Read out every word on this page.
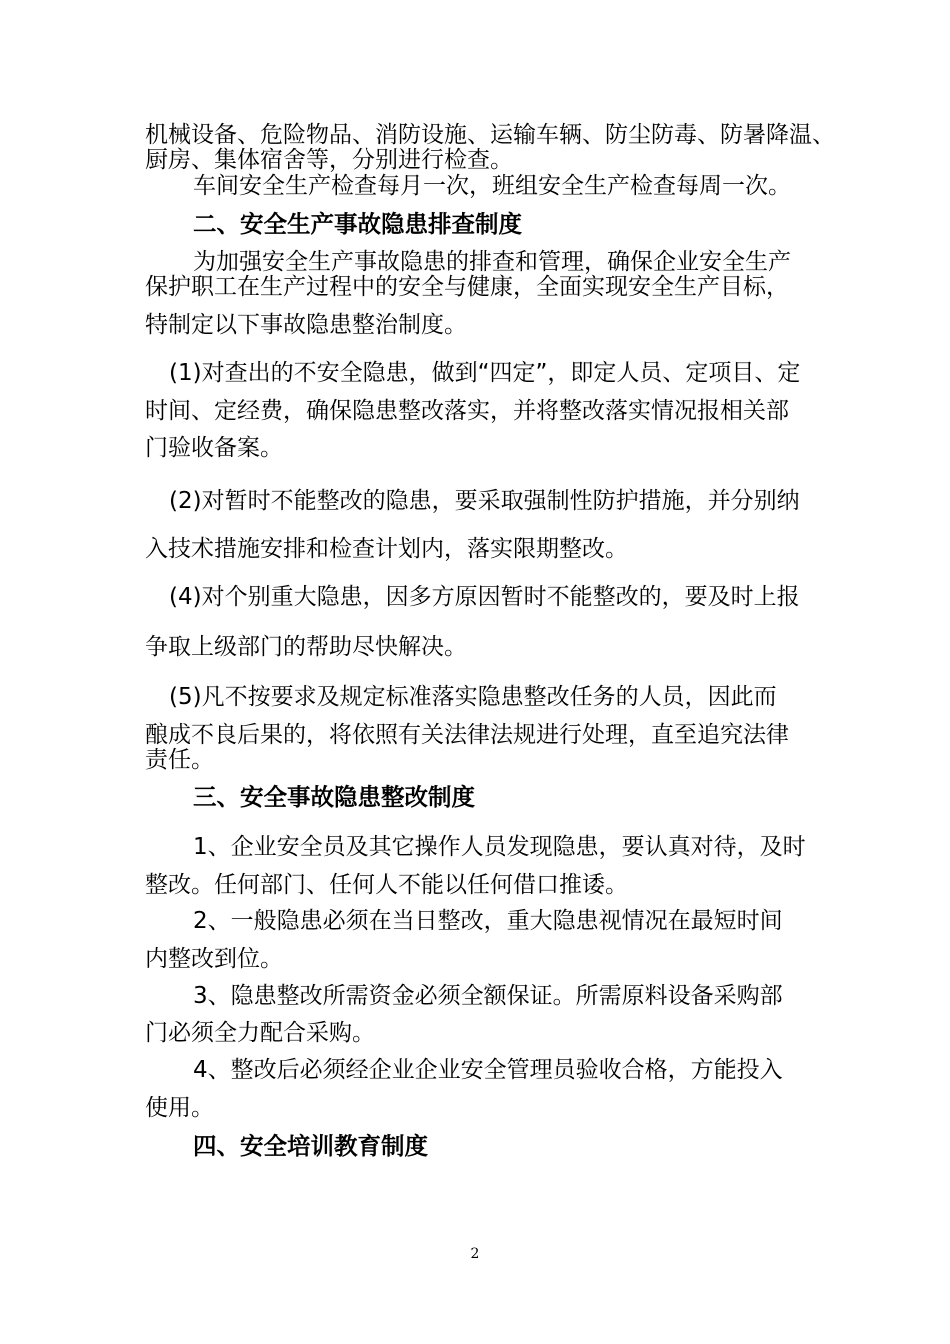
机械设备、危险物品、消防设施、运输车辆、防尘防毒、防暑降温、
厨房、集体宿舍等，分别进行检查。
车间安全生产检查每月一次，班组安全生产检查每周一次。
二、安全生产事故隐患排查制度
为加强安全生产事故隐患的排查和管理，确保企业安全生产
保护职工在生产过程中的安全与健康，全面实现安全生产目标，
特制定以下事故隐患整治制度。
(1)对查出的不安全隐患，做到“四定”，即定人员、定项目、定
时间、定经费，确保隐患整改落实，并将整改落实情况报相关部
门验收备案。
(2)对暂时不能整改的隐患，要采取强制性防护措施，并分别纳
入技术措施安排和检查计划内，落实限期整改。
(4)对个别重大隐患，因多方原因暂时不能整改的，要及时上报
争取上级部门的帮助尽快解决。
(5)凡不按要求及规定标准落实隐患整改任务的人员，因此而
酿成不良后果的，将依照有关法律法规进行处理，直至追究法律
责任。
三、安全事故隐患整改制度
1、企业安全员及其它操作人员发现隐患，要认真对待，及时
整改。任何部门、任何人不能以任何借口推诿。
2、一般隐患必须在当日整改，重大隐患视情况在最短时间
内整改到位。
3、隐患整改所需资金必须全额保证。所需原料设备采购部
门必须全力配合采购。
4、整改后必须经企业企业安全管理员验收合格，方能投入
使用。
四、安全培训教育制度
2
